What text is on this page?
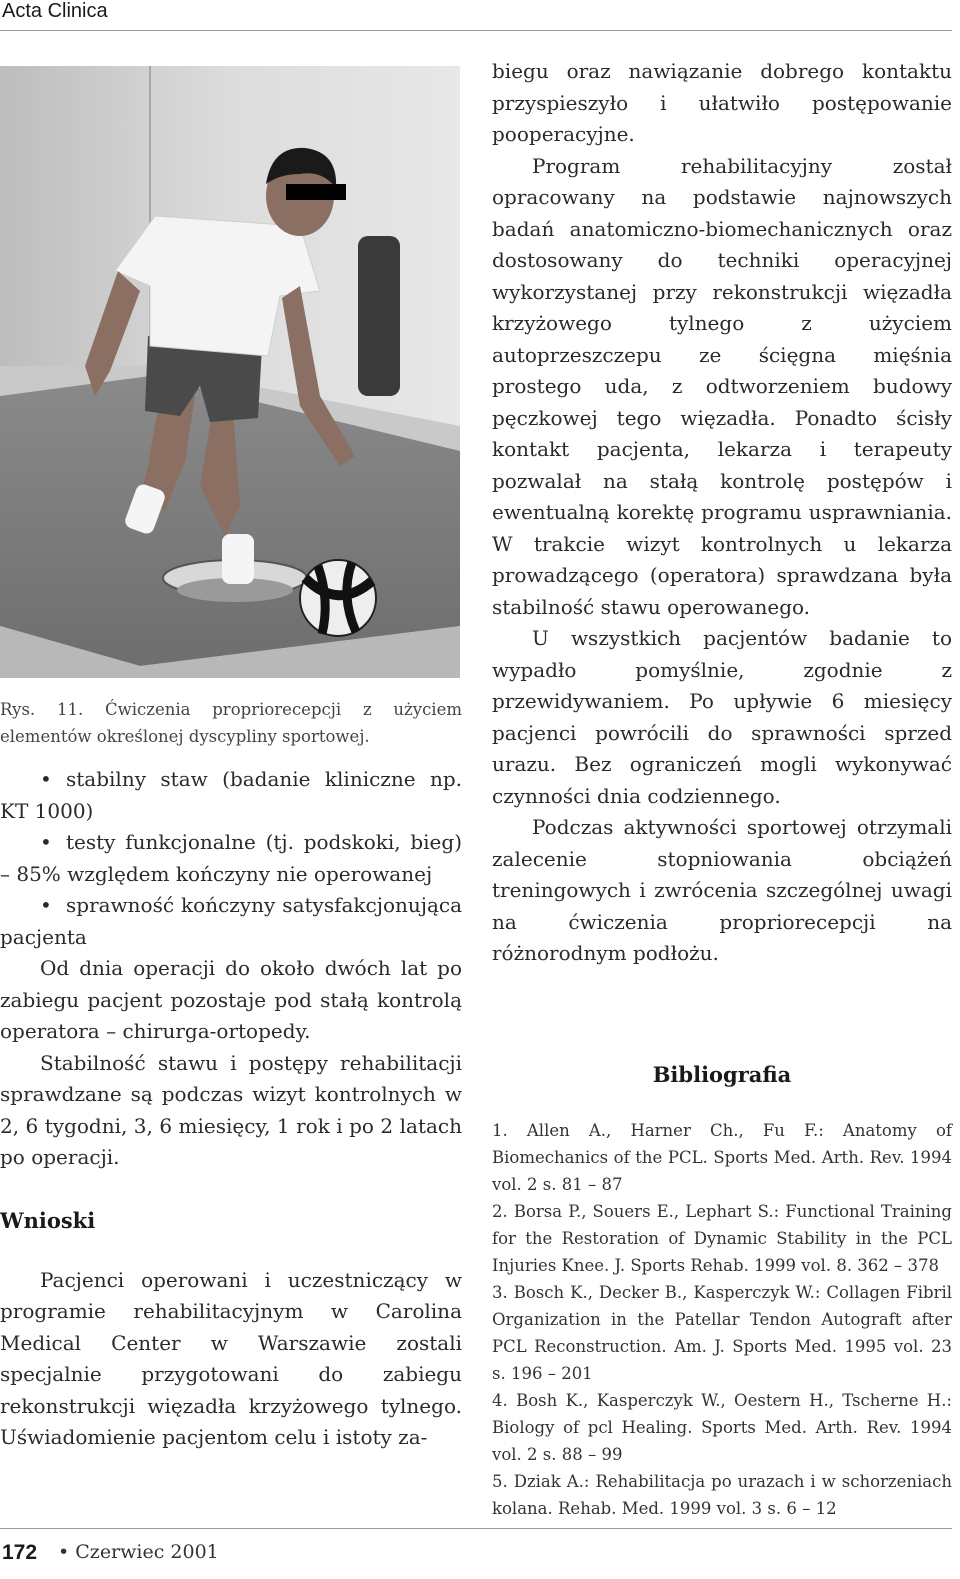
Acta Clinica
Rys. 11. Ćwiczenia propriorecepcji z użyciem elementów określonej dyscypliny sportowej.

• stabilny staw (badanie kliniczne np. KT 1000)

• testy funkcjonalne (tj. podskoki, bieg) – 85% względem kończyny nie operowanej

• sprawność kończyny satysfakcjonująca pacjenta

Od dnia operacji do około dwóch lat po zabiegu pacjent pozostaje pod stałą kontrolą operatora – chirurga-ortopedy.

Stabilność stawu i postępy rehabilitacji sprawdzane są podczas wizyt kontrolnych w 2, 6 tygodni, 3, 6 miesięcy, 1 rok i po 2 latach po operacji.

Wnioski

Pacjenci operowani i uczestniczący w programie rehabilitacyjnym w Carolina Medical Center w Warszawie zostali specjalnie przygotowani do zabiegu rekonstrukcji więzadła krzyżowego tylnego. Uświadomienie pacjentom celu i istoty za-

biegu oraz nawiązanie dobrego kontaktu przyspieszyło i ułatwiło postępowanie pooperacyjne.

Program rehabilitacyjny został opracowany na podstawie najnowszych badań anatomiczno-biomechanicznych oraz dostosowany do techniki operacyjnej wykorzystanej przy rekonstrukcji więzadła krzyżowego tylnego z użyciem autoprzeszczepu ze ścięgna mięśnia prostego uda, z odtworzeniem budowy pęczkowej tego więzadła. Ponadto ścisły kontakt pacjenta, lekarza i terapeuty pozwalał na stałą kontrolę postępów i ewentualną korektę programu usprawniania. W trakcie wizyt kontrolnych u lekarza prowadzącego (operatora) sprawdzana była stabilność stawu operowanego.

U wszystkich pacjentów badanie to wypadło pomyślnie, zgodnie z przewidywaniem. Po upływie 6 miesięcy pacjenci powrócili do sprawności sprzed urazu. Bez ograniczeń mogli wykonywać czynności dnia codziennego.

Podczas aktywności sportowej otrzymali zalecenie stopniowania obciążeń treningowych i zwrócenia szczególnej uwagi na ćwiczenia propriorecepcji na różnorodnym podłożu.

Bibliografia

1. Allen A., Harner Ch., Fu F.: Anatomy of Biomechanics of the PCL. Sports Med. Arth. Rev. 1994 vol. 2 s. 81 – 87

2. Borsa P., Souers E., Lephart S.: Functional Training for the Restoration of Dynamic Stability in the PCL Injuries Knee. J. Sports Rehab. 1999 vol. 8. 362 – 378

3. Bosch K., Decker B., Kasperczyk W.: Collagen Fibril Organization in the Patellar Tendon Autograft after PCL Reconstruction. Am. J. Sports Med. 1995 vol. 23 s. 196 – 201

4. Bosh K., Kasperczyk W., Oestern H., Tscherne H.: Biology of pcl Healing. Sports Med. Arth. Rev. 1994 vol. 2 s. 88 – 99

5. Dziak A.: Rehabilitacja po urazach i w schorzeniach kolana. Rehab. Med. 1999 vol. 3 s. 6 – 12

172 • Czerwiec 2001
